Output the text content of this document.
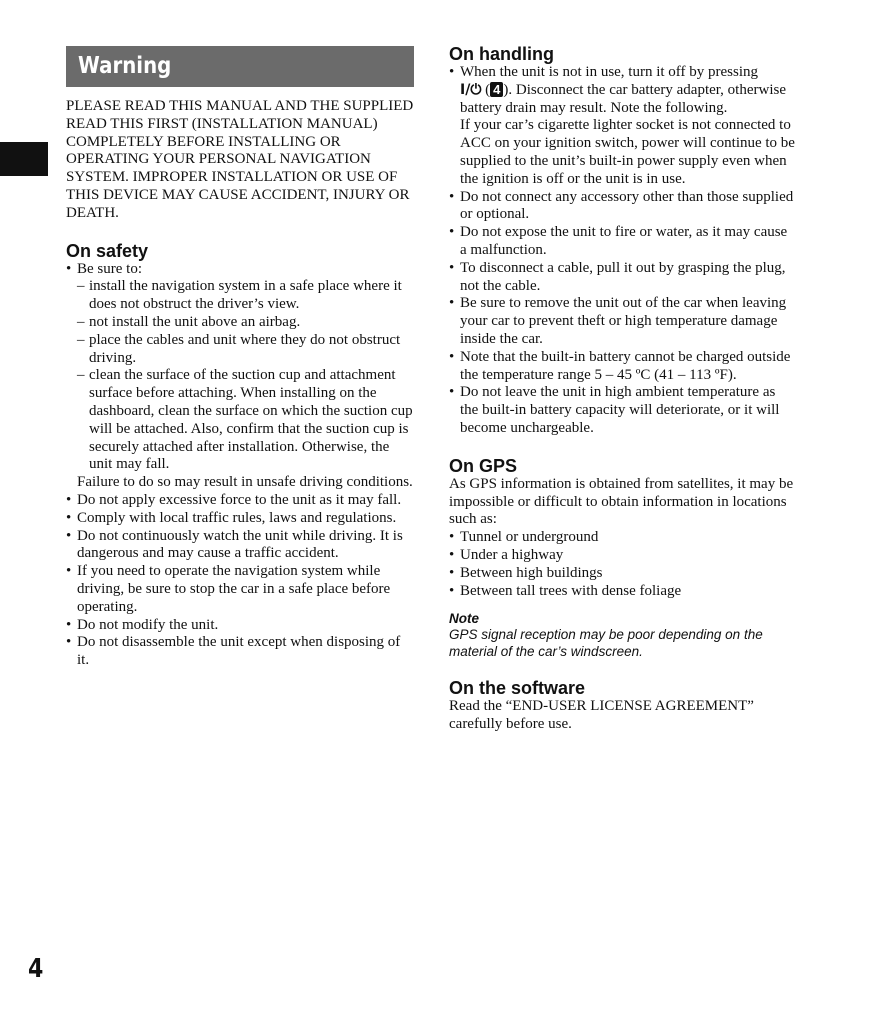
Warning
PLEASE READ THIS MANUAL AND THE SUPPLIED READ THIS FIRST (INSTALLATION MANUAL) COMPLETELY BEFORE INSTALLING OR OPERATING YOUR PERSONAL NAVIGATION SYSTEM. IMPROPER INSTALLATION OR USE OF THIS DEVICE MAY CAUSE ACCIDENT, INJURY OR DEATH.
On safety
• Be sure to:
– install the navigation system in a safe place where it does not obstruct the driver’s view.
– not install the unit above an airbag.
– place the cables and unit where they do not obstruct driving.
– clean the surface of the suction cup and attachment surface before attaching. When installing on the dashboard, clean the surface on which the suction cup will be attached. Also, confirm that the suction cup is securely attached after installation. Otherwise, the unit may fall.
Failure to do so may result in unsafe driving conditions.
• Do not apply excessive force to the unit as it may fall.
• Comply with local traffic rules, laws and regulations.
• Do not continuously watch the unit while driving. It is dangerous and may cause a traffic accident.
• If you need to operate the navigation system while driving, be sure to stop the car in a safe place before operating.
• Do not modify the unit.
• Do not disassemble the unit except when disposing of it.
On handling
• When the unit is not in use, turn it off by pressing
I/⏻ ( 4 ). Disconnect the car battery adapter, otherwise battery drain may result. Note the following.
If your car’s cigarette lighter socket is not connected to ACC on your ignition switch, power will continue to be supplied to the unit’s built-in power supply even when the ignition is off or the unit is in use.
• Do not connect any accessory other than those supplied or optional.
• Do not expose the unit to fire or water, as it may cause a malfunction.
• To disconnect a cable, pull it out by grasping the plug, not the cable.
• Be sure to remove the unit out of the car when leaving your car to prevent theft or high temperature damage inside the car.
• Note that the built-in battery cannot be charged outside the temperature range 5 – 45 ºC (41 – 113 ºF).
• Do not leave the unit in high ambient temperature as the built-in battery capacity will deteriorate, or it will become unchargeable.
On GPS
As GPS information is obtained from satellites, it may be impossible or difficult to obtain information in locations such as:
• Tunnel or underground
• Under a highway
• Between high buildings
• Between tall trees with dense foliage
Note
GPS signal reception may be poor depending on the material of the car’s windscreen.
On the software
Read the “END-USER LICENSE AGREEMENT” carefully before use.
4
